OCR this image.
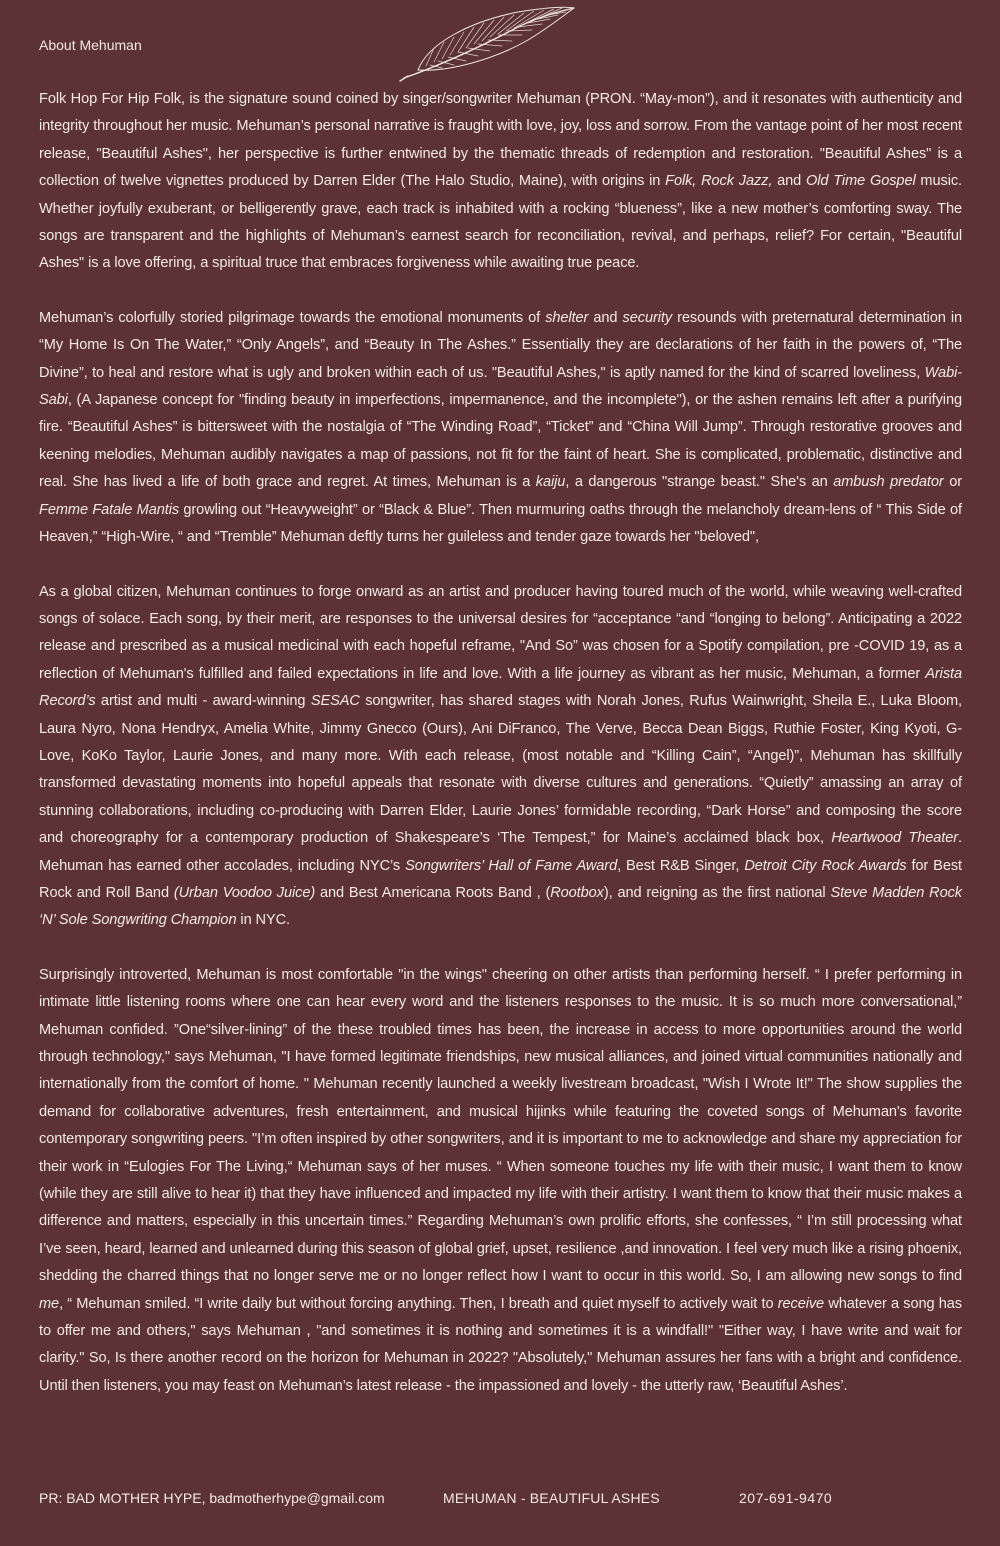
About Mehuman

Folk Hop For Hip Folk, is the signature sound coined by singer/songwriter Mehuman (PRON. “May-mon”), and it resonates with authenticity and integrity throughout her music. Mehuman’s personal narrative is fraught with love, joy, loss and sorrow. From the vantage point of her most recent release, "Beautiful Ashes", her perspective is further entwined by the thematic threads of redemption and restoration. "Beautiful Ashes" is a collection of twelve vignettes produced by Darren Elder (The Halo Studio, Maine), with origins in Folk, Rock Jazz, and Old Time Gospel music. Whether joyfully exuberant, or belligerently grave, each track is inhabited with a rocking “blueness”, like a new mother’s comforting sway. The songs are transparent and the highlights of Mehuman’s earnest search for reconciliation, revival, and perhaps, relief? For certain, "Beautiful Ashes" is a love offering, a spiritual truce that embraces forgiveness while awaiting true peace.

Mehuman’s colorfully storied pilgrimage towards the emotional monuments of shelter and security resounds with preternatural determination in “My Home Is On The Water,” “Only Angels”, and “Beauty In The Ashes.” Essentially they are declarations of her faith in the powers of, “The Divine”, to heal and restore what is ugly and broken within each of us. "Beautiful Ashes," is aptly named for the kind of scarred loveliness, Wabi- Sabi, (A Japanese concept for "finding beauty in imperfections, impermanence, and the incomplete"), or the ashen remains left after a purifying fire. “Beautiful Ashes” is bittersweet with the nostalgia of “The Winding Road”, “Ticket” and “China Will Jump”. Through restorative grooves and keening melodies, Mehuman audibly navigates a map of passions, not fit for the faint of heart. She is complicated, problematic, distinctive and real. She has lived a life of both grace and regret. At times, Mehuman is a kaiju, a dangerous "strange beast." She's an ambush predator or Femme Fatale Mantis growling out “Heavyweight” or “Black & Blue”. Then murmuring oaths through the melancholy dream-lens of “ This Side of Heaven,” “High-Wire, “ and “Tremble” Mehuman deftly turns her guileless and tender gaze towards her "beloved",

As a global citizen, Mehuman continues to forge onward as an artist and producer having toured much of the world, while weaving well-crafted songs of solace. Each song, by their merit, are responses to the universal desires for “acceptance “and “longing to belong”. Anticipating a 2022 release and prescribed as a musical medicinal with each hopeful reframe, "And So” was chosen for a Spotify compilation, pre -COVID 19, as a reflection of Mehuman's fulfilled and failed expectations in life and love. With a life journey as vibrant as her music, Mehuman, a former Arista Record’s artist and multi - award-winning SESAC songwriter, has shared stages with Norah Jones, Rufus Wainwright, Sheila E., Luka Bloom, Laura Nyro, Nona Hendryx, Amelia White, Jimmy Gnecco (Ours), Ani DiFranco, The Verve, Becca Dean Biggs, Ruthie Foster, King Kyoti, G-Love, KoKo Taylor, Laurie Jones, and many more. With each release, (most notable and “Killing Cain”, “Angel)”, Mehuman has skillfully transformed devastating moments into hopeful appeals that resonate with diverse cultures and generations. “Quietly” amassing an array of stunning collaborations, including co-producing with Darren Elder, Laurie Jones’ formidable recording, “Dark Horse” and composing the score and choreography for a contemporary production of Shakespeare’s ‘The Tempest,” for Maine’s acclaimed black box, Heartwood Theater. Mehuman has earned other accolades, including NYC’s Songwriters’ Hall of Fame Award, Best R&B Singer, Detroit City Rock Awards for Best Rock and Roll Band (Urban Voodoo Juice) and Best Americana Roots Band , (Rootbox), and reigning as the first national Steve Madden Rock ‘N’ Sole Songwriting Champion in NYC.

Surprisingly introverted, Mehuman is most comfortable "in the wings" cheering on other artists than performing herself. “ I prefer performing in intimate little listening rooms where one can hear every word and the listeners responses to the music. It is so much more conversational,” Mehuman confided. ”One“silver-lining” of the these troubled times has been, the increase in access to more opportunities around the world through technology," says Mehuman, "I have formed legitimate friendships, new musical alliances, and joined virtual communities nationally and internationally from the comfort of home. " Mehuman recently launched a weekly livestream broadcast, "Wish I Wrote It!" The show supplies the demand for collaborative adventures, fresh entertainment, and musical hijinks while featuring the coveted songs of Mehuman's favorite contemporary songwriting peers. "I’m often inspired by other songwriters, and it is important to me to acknowledge and share my appreciation for their work in “Eulogies For The Living,“ Mehuman says of her muses. “ When someone touches my life with their music, I want them to know (while they are still alive to hear it) that they have influenced and impacted my life with their artistry. I want them to know that their music makes a difference and matters, especially in this uncertain times.” Regarding Mehuman’s own prolific efforts, she confesses, “ I’m still processing what I’ve seen, heard, learned and unlearned during this season of global grief, upset, resilience ,and innovation. I feel very much like a rising phoenix, shedding the charred things that no longer serve me or no longer reflect how I want to occur in this world. So, I am allowing new songs to find me, “ Mehuman smiled. “I write daily but without forcing anything. Then, I breath and quiet myself to actively wait to receive whatever a song has to offer me and others," says Mehuman , "and sometimes it is nothing and sometimes it is a windfall!" "Either way, I have write and wait for clarity." So, Is there another record on the horizon for Mehuman in 2022? "Absolutely," Mehuman assures her fans with a bright and confidence. Until then listeners, you may feast on Mehuman’s latest release - the impassioned and lovely - the utterly raw, ‘Beautiful Ashes’.

PR: BAD MOTHER HYPE, badmotherhype@gmail.com	MEHUMAN - BEAUTIFUL ASHES	207-691-9470
